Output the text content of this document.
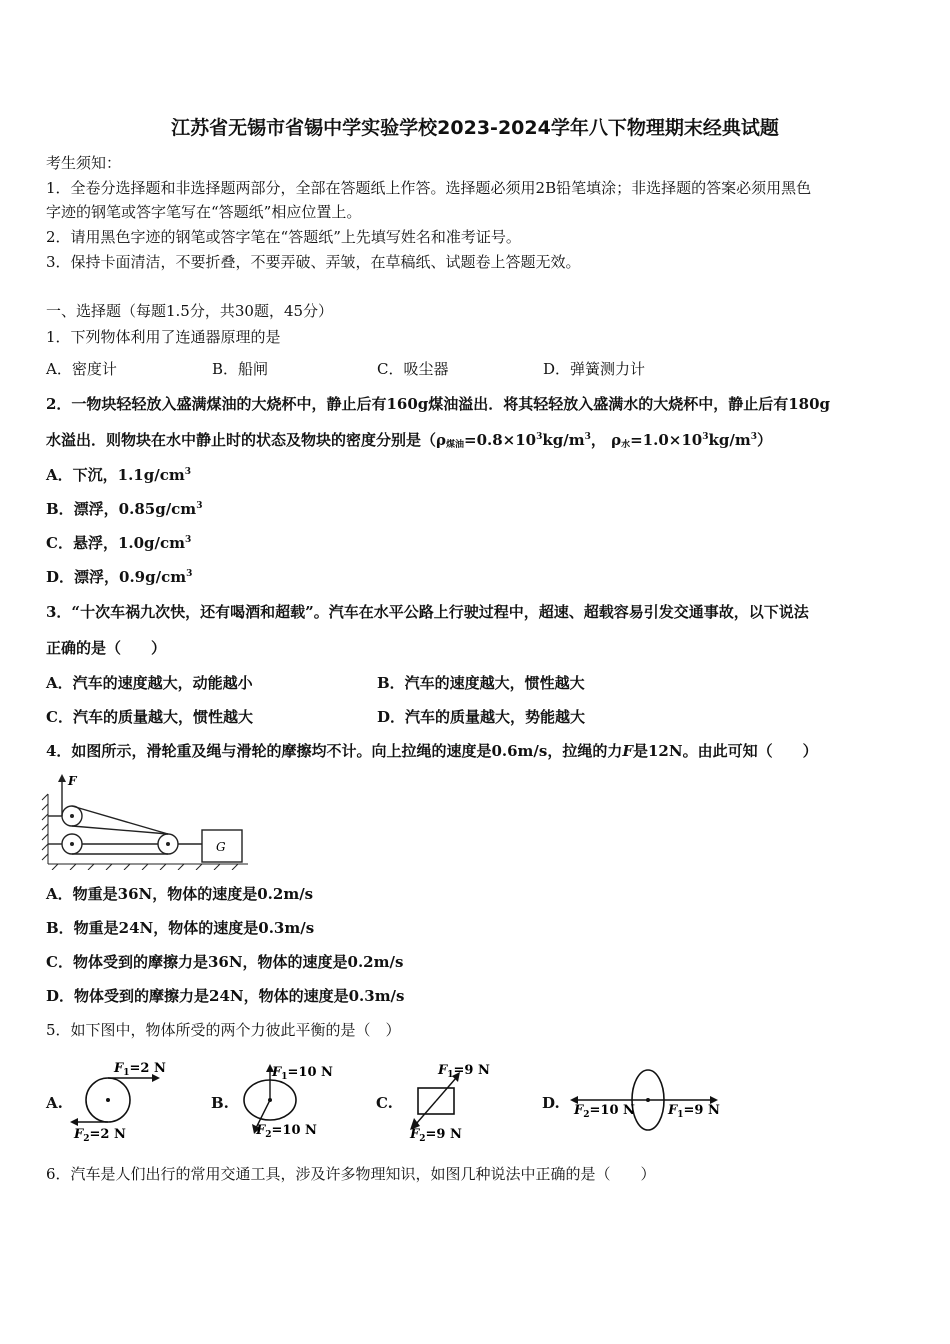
江苏省无锡市省锡中学实验学校2023-2024学年八下物理期末经典试题
考生须知：
1．全卷分选择题和非选择题两部分，全部在答题纸上作答。选择题必须用2B铅笔填涂；非选择题的答案必须用黑色
字迹的钢笔或答字笔写在“答题纸”相应位置上。
2．请用黑色字迹的钢笔或答字笔在“答题纸”上先填写姓名和准考证号。
3．保持卡面清洁，不要折叠，不要弄破、弄皱，在草稿纸、试题卷上答题无效。
一、选择题（每题1.5分，共30题，45分）
1．下列物体利用了连通器原理的是
A．密度计	B．船闸	C．吸尘器	D．弹簧测力计
2．一物块轻轻放入盛满煤油的大烧杯中，静止后有160g煤油溢出．将其轻轻放入盛满水的大烧杯中，静止后有180g
水溢出．则物块在水中静止时的状态及物块的密度分别是（$\rho_{煤油}=0.8\times 10^3kg/m^3$， $\rho_水=1.0\times 10^3kg/m^3$）
A．下沉，$1.1g/cm^3$
B．漂浮，$0.85g/cm^3$
C．悬浮，$1.0g/cm^3$
D．漂浮，$0.9g/cm^3$
3．“十次车祸九次快，还有喝酒和超载”。汽车在水平公路上行驶过程中，超速、超载容易引发交通事故，以下说法
正确的是（　　）
A．汽车的速度越大，动能越小	B．汽车的速度越大，惯性越大
C．汽车的质量越大，惯性越大	D．汽车的质量越大，势能越大
4．如图所示，滑轮重及绳与滑轮的摩擦均不计。向上拉绳的速度是0.6m/s，拉绳的力F是12N。由此可知（　　）
F
G
A．物重是36N，物体的速度是0.2m/s
B．物重是24N，物体的速度是0.3m/s
C．物体受到的摩擦力是36N，物体的速度是0.2m/s
D．物体受到的摩擦力是24N，物体的速度是0.3m/s
5．如下图中，物体所受的两个力彼此平衡的是（　）
A.	B.	C.	D.
$F_1=2$ N
$F_2=2$ N
$F_1=10$ N
$F_2=10$ N
$F_1=9$ N
$F_2=9$ N
$F_2=10$ N	$F_1=9$ N
6．汽车是人们出行的常用交通工具，涉及许多物理知识，如图几种说法中正确的是（　　）
